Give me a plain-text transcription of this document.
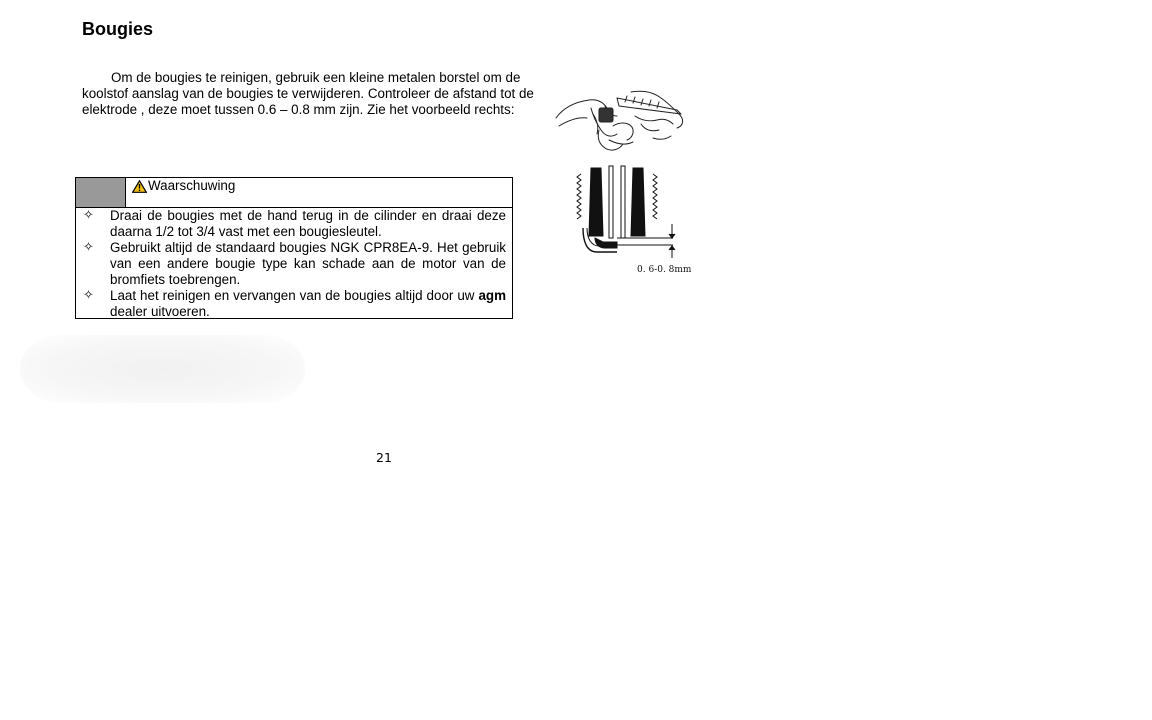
Bougies

Om de bougies te reinigen, gebruik een kleine metalen borstel om de koolstof aanslag van de bougies te verwijderen. Controleer de afstand tot de elektrode , deze moet tussen 0.6 – 0.8 mm zijn. Zie het voorbeeld rechts:

Waarschuwing
✧ Draai de bougies met de hand terug in de cilinder en draai deze daarna 1/2 tot 3/4 vast met een bougiesleutel.
✧ Gebruikt altijd de standaard bougies NGK CPR8EA-9. Het gebruik van een andere bougie type kan schade aan de motor van de bromfiets toebrengen.
✧ Laat het reinigen en vervangen van de bougies altijd door uw agm dealer uitvoeren.
0. 6-0. 8mm
21
